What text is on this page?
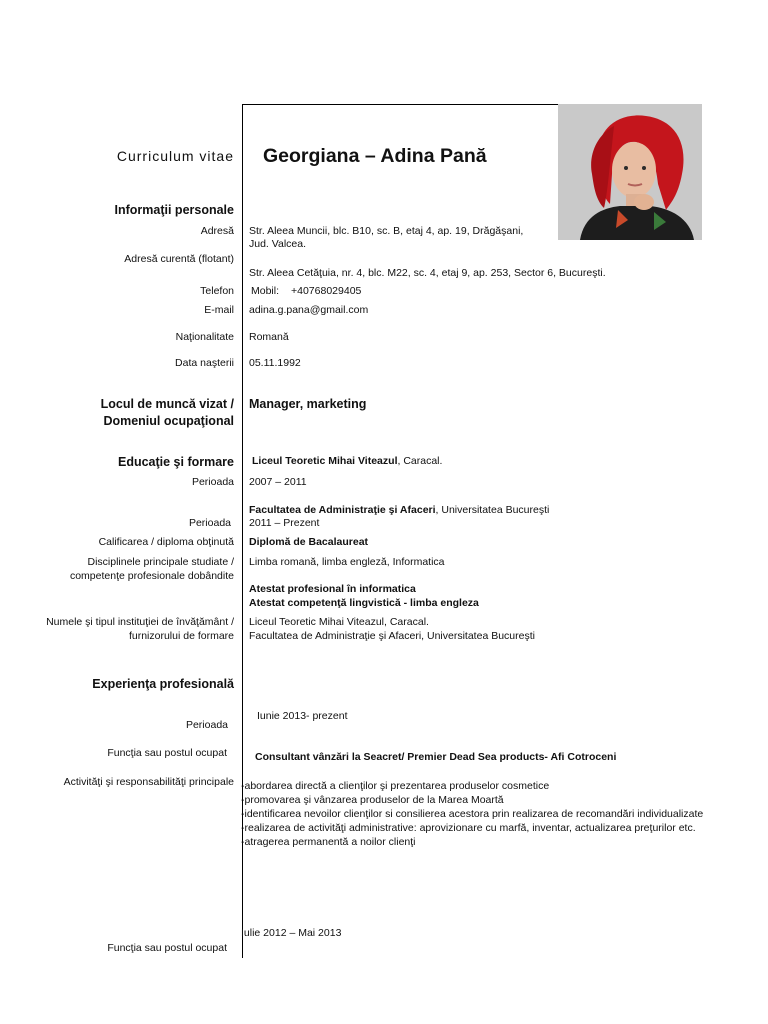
Curriculum vitae Georgiana – Adina Pană
Informaţii personale
Adresă Str. Aleea Muncii, blc. B10, sc. B, etaj 4, ap. 19, Drăgăşani,
Jud. Valcea.
Adresă curentă (flotant)
Str. Aleea Cetăţuia, nr. 4, blc. M22, sc. 4, etaj 9, ap. 253, Sector 6, Bucureşti.
Telefon Mobil: +40768029405
E-mail adina.g.pana@gmail.com
Naţionalitate Romană
Data naşterii 05.11.1992
Locul de muncă vizat /
Domeniul ocupaţional
Manager, marketing
Educaţie şi formare Liceul Teoretic Mihai Viteazul, Caracal.
Perioada 2007 – 2011
Facultatea de Administraţie şi Afaceri, Universitatea Bucureşti
Perioada 2011 – Prezent
Calificarea / diploma obţinută Diplomă de Bacalaureat
Disciplinele principale studiate /
competenţe profesionale dobândite
Limba romană, limba engleză, Informatica
Atestat profesional în informatica
Atestat competenţă lingvistică - limba engleza
Numele şi tipul instituţiei de învăţământ /
furnizorului de formare
Liceul Teoretic Mihai Viteazul, Caracal.
Facultatea de Administraţie şi Afaceri, Universitatea Bucureşti
Experienţa profesională
Iunie 2013- prezent
Perioada
Funcţia sau postul ocupat	Consultant vânzări la Seacret/ Premier Dead Sea products- Afi Cotroceni
Activităţi şi responsabilităţi principale -abordarea directă a clienţilor şi prezentarea produselor cosmetice
-promovarea şi vânzarea produselor de la Marea Moartă
-identificarea nevoilor clienţilor si consilierea acestora prin realizarea de recomandări individualizate
-realizarea de activităţi administrative: aprovizionare cu marfă, inventar, actualizarea preţurilor etc.
-atragerea permanentă a noilor clienţi
Iulie 2012 – Mai 2013
Funcţia sau postul ocupat
